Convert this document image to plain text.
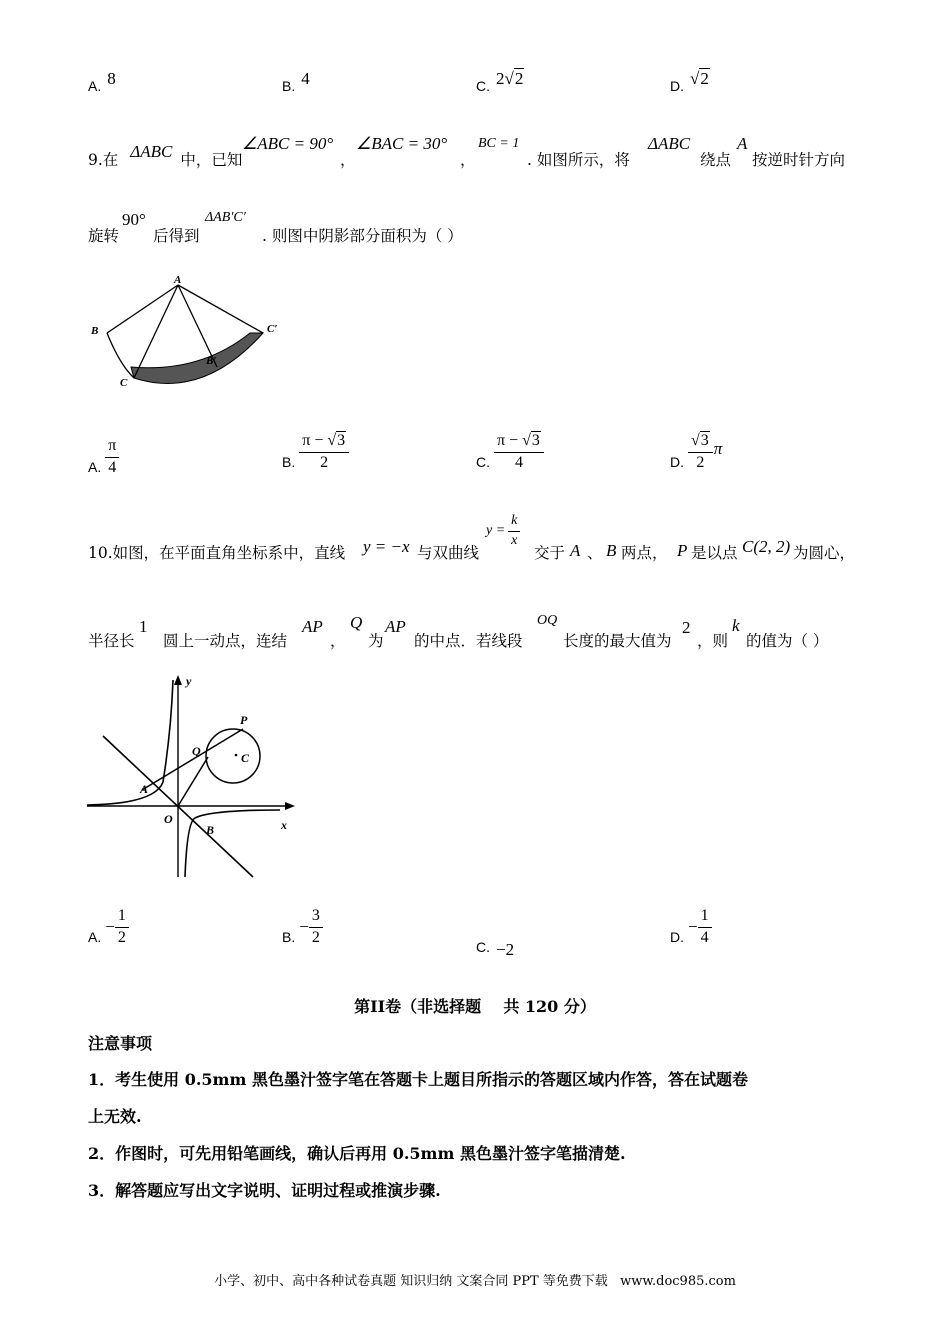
A. 8	B. 4	C. 2√2	D. √2
9.在 ΔABC 中，已知
∠ABC = 90°
，
∠BAC = 30°
，
BC = 1
. 如图所示，将
ΔABC
绕点
A
按逆时针方向
旋转
90°
后得到
ΔAB′C′
. 则图中阴影部分面积为（ ）
A
B
C
B′
C′
A. $\frac{\pi}{4}$	B. $\frac{\pi - √3}{2}$	C. $\frac{\pi - √3}{4}$	D. $\frac{√3}{2}$ π
10.如图，在平面直角坐标系中，直线 y = −x 与双曲线
$y = \frac{k}{x}$
交于 A 、 B 两点， P 是以点 C(2, 2) 为圆心，
半径长
1
圆上一动点，连结
AP
，
Q
为
AP
的中点．若线段
OQ
长度的最大值为
2
，则
k
的值为（ ）
y
x
O
A
B
Q
P
C
A.
− $\frac{1}{2}$	B.
− $\frac{3}{2}$
C. −2
D.
− $\frac{1}{4}$
第II卷（非选择题    共 120 分）
注意事项
1．考生使用 0.5mm 黑色墨汁签字笔在答题卡上题目所指示的答题区域内作答，答在试题卷
上无效.
2．作图时，可先用铅笔画线，确认后再用 0.5mm 黑色墨汁签字笔描清楚.
3．解答题应写出文字说明、证明过程或推演步骤.
小学、初中、高中各种试卷真题 知识归纳 文案合同 PPT 等免费下载   www.doc985.com
